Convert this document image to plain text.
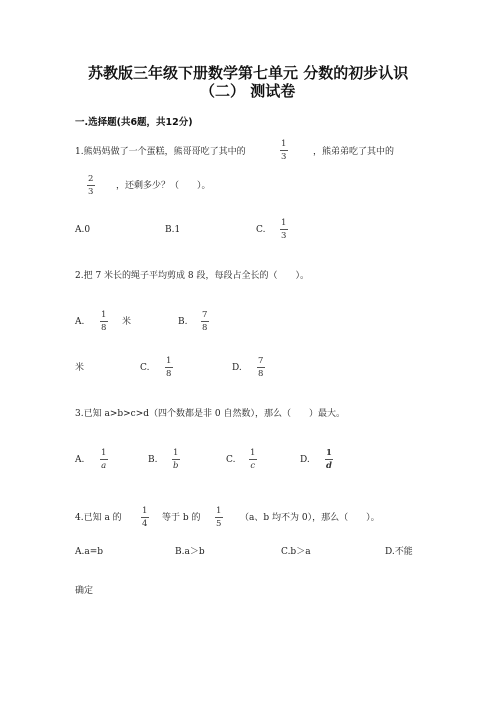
苏教版三年级下册数学第七单元 分数的初步认识
（二） 测试卷
一.选择题(共6题，共12分)
1.熊妈妈做了一个蛋糕，熊哥哥吃了其中的
1
3	，熊弟弟吃了其中的
2
3
，还剩多少？（　　）。
A.0	B.1	C.
1
3
2.把 7 米长的绳子平均剪成 8 段，每段占全长的（　　）。
A.
1
8
米	B.
7
8
米	C.
1
8
D.
7
8
3.已知 a>b>c>d（四个数都是非 0 自然数），那么（　　）最大。
A.
1
a
B.
1
b
C.
1
c
D.
1
d
4.已知 a 的
1
4
等于 b 的
1
5
（a、b 均不为 0），那么（　　）。
A.a=b	B.a＞b	C.b＞a	D.不能
确定
